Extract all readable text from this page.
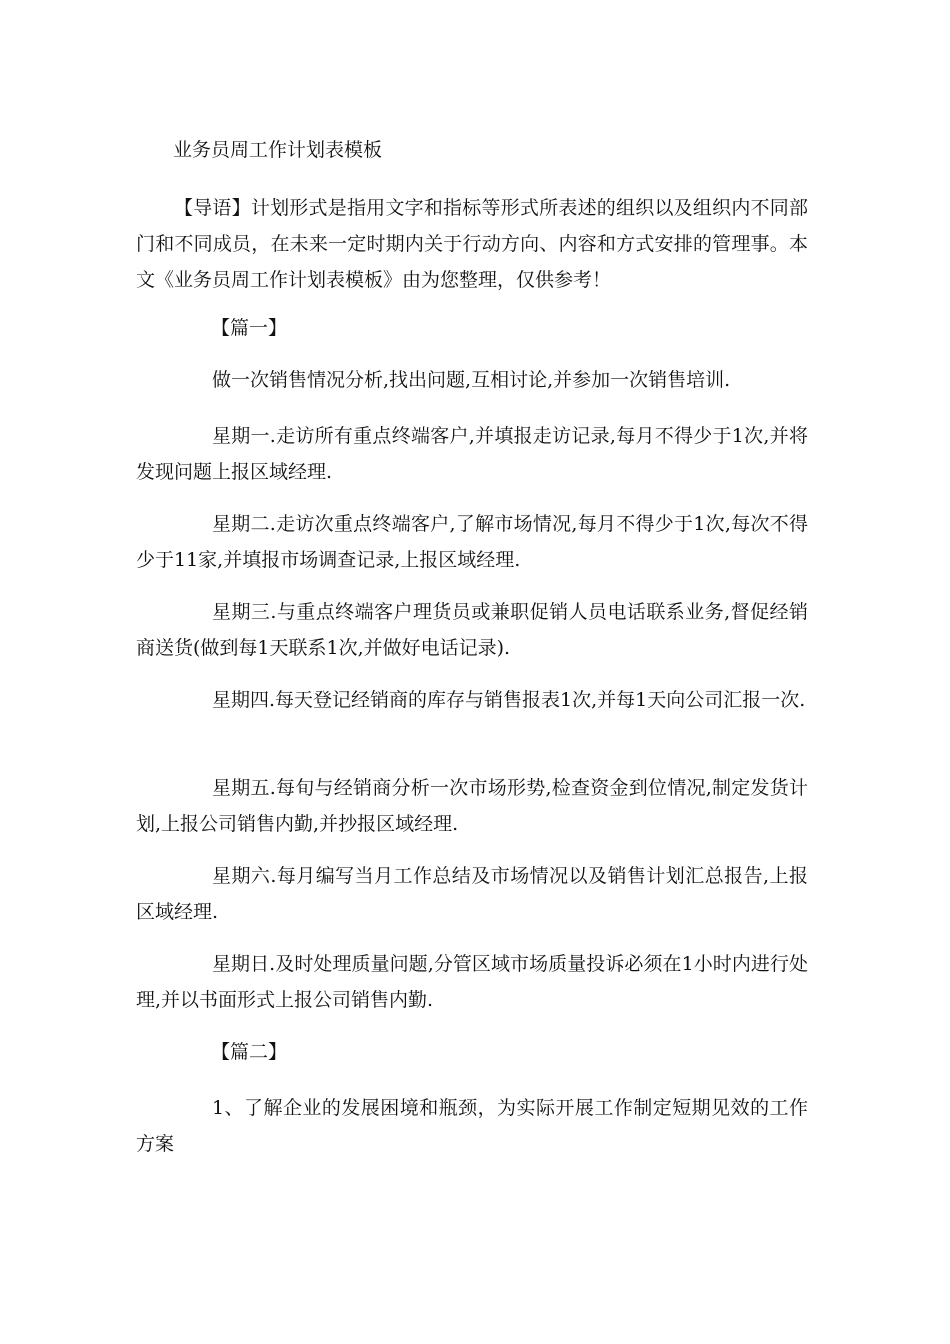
业务员周工作计划表模板

【导语】计划形式是指用文字和指标等形式所表述的组织以及组织内不同部门和不同成员，在未来一定时期内关于行动方向、内容和方式安排的管理事。本文《业务员周工作计划表模板》由为您整理，仅供参考！

【篇一】

做一次销售情况分析,找出问题,互相讨论,并参加一次销售培训.

星期一.走访所有重点终端客户,并填报走访记录,每月不得少于1次,并将发现问题上报区域经理.

星期二.走访次重点终端客户,了解市场情况,每月不得少于1次,每次不得少于11家,并填报市场调查记录,上报区域经理.

星期三.与重点终端客户理货员或兼职促销人员电话联系业务,督促经销商送货(做到每1天联系1次,并做好电话记录).

星期四.每天登记经销商的库存与销售报表1次,并每1天向公司汇报一次.

星期五.每旬与经销商分析一次市场形势,检查资金到位情况,制定发货计划,上报公司销售内勤,并抄报区域经理.

星期六.每月编写当月工作总结及市场情况以及销售计划汇总报告,上报区域经理.

星期日.及时处理质量问题,分管区域市场质量投诉必须在1小时内进行处理,并以书面形式上报公司销售内勤.

【篇二】

1、了解企业的发展困境和瓶颈，为实际开展工作制定短期见效的工作方案
